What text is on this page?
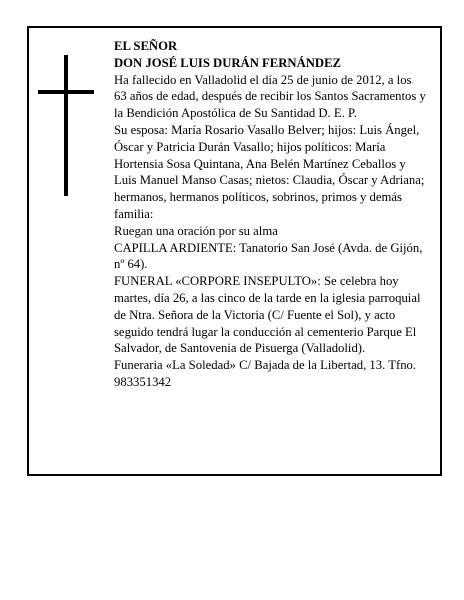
EL SEÑOR

DON JOSÉ LUIS DURÁN FERNÁNDEZ

Ha fallecido en Valladolid el día 25 de junio de 2012, a los 63 años de edad, después de recibir los Santos Sacramentos y la Bendición Apostólica de Su Santidad D. E. P.

Su esposa: María Rosario Vasallo Belver; hijos: Luis Ángel, Óscar y Patricia Durán Vasallo; hijos políticos: María Hortensia Sosa Quintana, Ana Belén Martínez Ceballos y Luis Manuel Manso Casas; nietos: Claudia, Óscar y Adriana; hermanos, hermanos políticos, sobrinos, primos y demás familia:

Ruegan una oración por su alma

CAPILLA ARDIENTE: Tanatorio San José (Avda. de Gijón, nº 64).

FUNERAL «CORPORE INSEPULTO»: Se celebra hoy martes, día 26, a las cinco de la tarde en la iglesia parroquial de Ntra. Señora de la Victoria (C/ Fuente el Sol), y acto seguido tendrá lugar la conducción al cementerio Parque El Salvador, de Santovenia de Pisuerga (Valladolid).

Funeraria «La Soledad» C/ Bajada de la Libertad, 13. Tfno. 983351342
